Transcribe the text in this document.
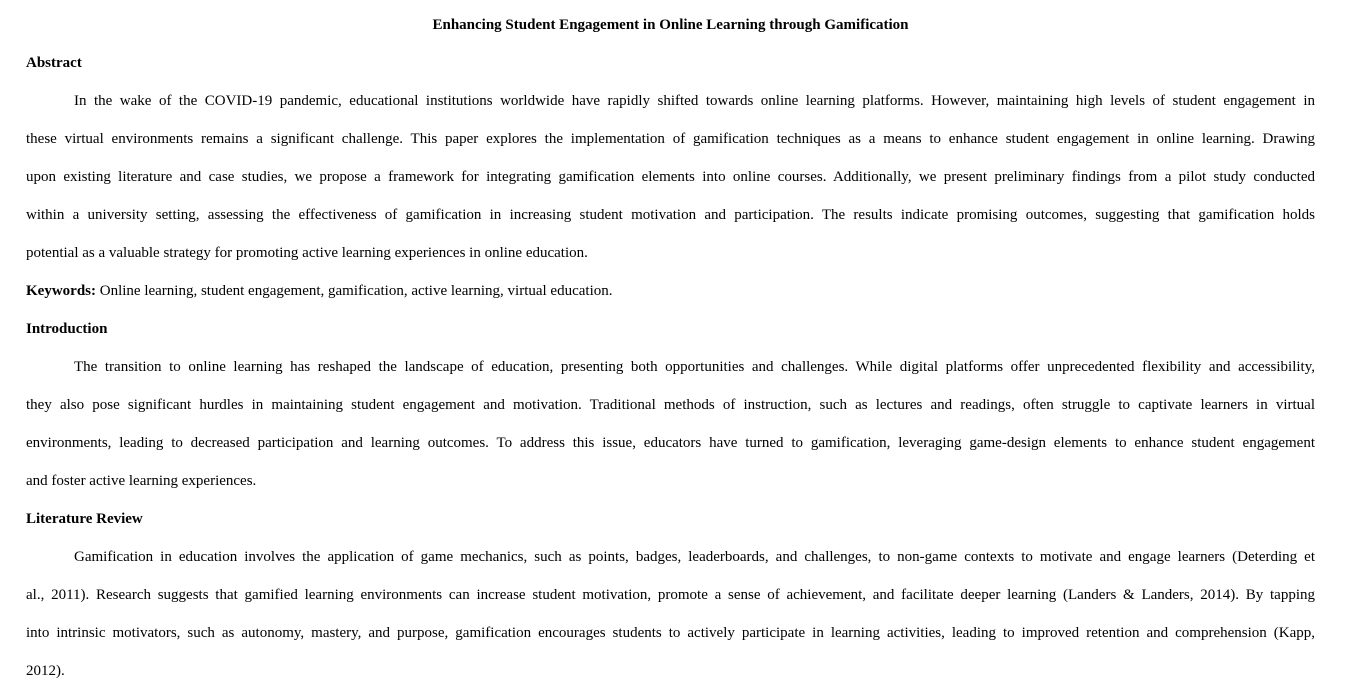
Enhancing Student Engagement in Online Learning through Gamification
Abstract
In the wake of the COVID-19 pandemic, educational institutions worldwide have rapidly shifted towards online learning platforms. However, maintaining high levels of student engagement in
these virtual environments remains a significant challenge. This paper explores the implementation of gamification techniques as a means to enhance student engagement in online learning. Drawing
upon existing literature and case studies, we propose a framework for integrating gamification elements into online courses. Additionally, we present preliminary findings from a pilot study conducted
within a university setting, assessing the effectiveness of gamification in increasing student motivation and participation. The results indicate promising outcomes, suggesting that gamification holds
potential as a valuable strategy for promoting active learning experiences in online education.
Keywords: Online learning, student engagement, gamification, active learning, virtual education.
Introduction
The transition to online learning has reshaped the landscape of education, presenting both opportunities and challenges. While digital platforms offer unprecedented flexibility and accessibility,
they also pose significant hurdles in maintaining student engagement and motivation. Traditional methods of instruction, such as lectures and readings, often struggle to captivate learners in virtual
environments, leading to decreased participation and learning outcomes. To address this issue, educators have turned to gamification, leveraging game-design elements to enhance student engagement
and foster active learning experiences.
Literature Review
Gamification in education involves the application of game mechanics, such as points, badges, leaderboards, and challenges, to non-game contexts to motivate and engage learners (Deterding et
al., 2011). Research suggests that gamified learning environments can increase student motivation, promote a sense of achievement, and facilitate deeper learning (Landers & Landers, 2014). By tapping
into intrinsic motivators, such as autonomy, mastery, and purpose, gamification encourages students to actively participate in learning activities, leading to improved retention and comprehension (Kapp,
2012).
